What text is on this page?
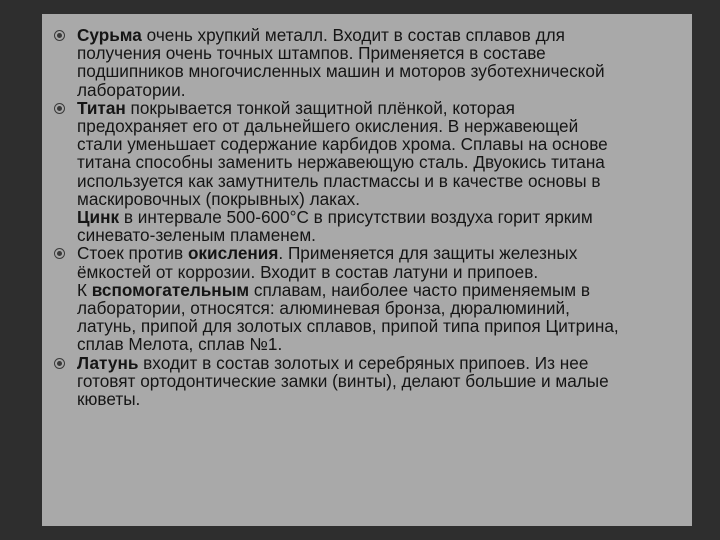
Сурьма очень хрупкий металл. Входит в состав сплавов для
получения очень точных штампов. Применяется в составе
подшипников многочисленных машин и моторов зуботехнической
лаборатории.
Титан покрывается тонкой защитной плёнкой, которая
предохраняет его от дальнейшего окисления. В нержавеющей
стали уменьшает содержание карбидов хрома. Сплавы на основе
титана способны заменить нержавеющую сталь. Двуокись титана
используется как замутнитель пластмассы и в качестве основы в
маскировочных (покрывных) лаках.
Цинк в интервале 500-600°С в присутствии воздуха горит ярким
синевато-зеленым пламенем.
Стоек против окисления. Применяется для защиты железных
ёмкостей от коррозии. Входит в состав латуни и припоев.
К вспомогательным сплавам, наиболее часто применяемым в
лаборатории, относятся: алюминевая бронза, дюралюминий,
латунь, припой для золотых сплавов, припой типа припоя Цитрина,
сплав Мелота, сплав №1.
Латунь входит в состав золотых и серебряных припоев. Из нее
готовят ортодонтические замки (винты), делают большие и малые
кюветы.
